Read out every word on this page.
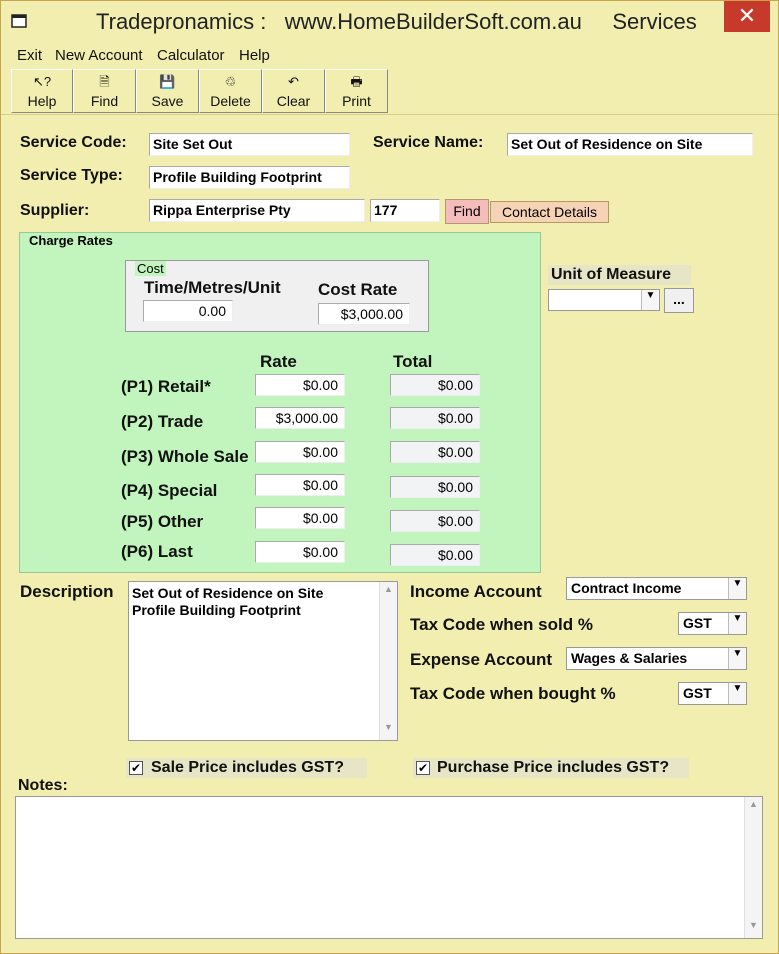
Tradepronamics :   www.HomeBuilderSoft.com.au     Services	✕
Exit New Account Calculator Help
↖?
Help
🗎
Find
💾
Save
♲
Delete
↶
Clear
🖶
Print
Service Code: Site Set Out	Service Name: Set Out of Residence on Site
Service Type: Profile Building Footprint
Supplier:	Rippa Enterprise Pty	177	Find	Contact Details
Charge Rates
Cost
Time/Metres/Unit
0.00
Cost Rate
$3,000.00
Rate	Total
(P1) Retail*	$0.00	$0.00
(P2) Trade	$3,000.00	$0.00
(P3) Whole Sale	$0.00	$0.00
(P4) Special	$0.00	$0.00
(P5) Other	$0.00	$0.00
(P6) Last	$0.00	$0.00
Unit of Measure
▼	...
Description Set Out of Residence on Site
Profile Building Footprint
▲
▼
Income Account	Contract Income	▼
Tax Code when sold %	GST	▼
Expense Account	Wages & Salaries	▼
Tax Code when bought %	GST	▼
✔ Sale Price includes GST?	✔ Purchase Price includes GST?
Notes:
▲
▼
